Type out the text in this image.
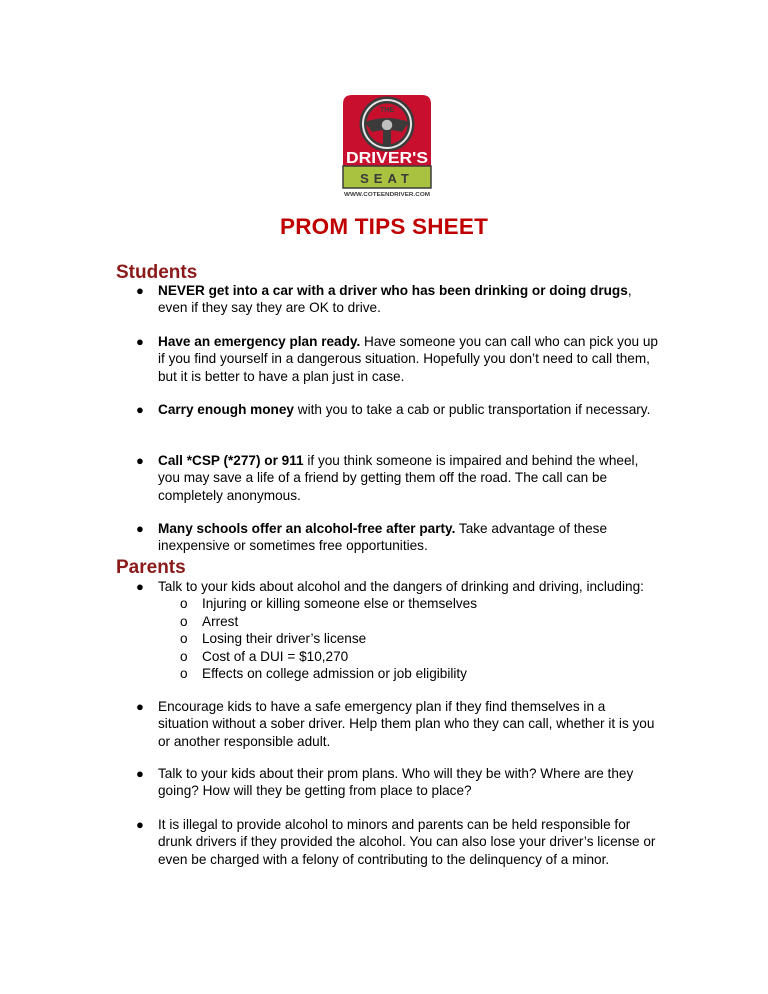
THE
DRIVER'S
SEAT
WWW.COTEENDRIVER.COM
PROM TIPS SHEET
Students
● NEVER get into a car with a driver who has been drinking or doing drugs, even if they say they are OK to drive.
● Have an emergency plan ready. Have someone you can call who can pick you up if you find yourself in a dangerous situation. Hopefully you don’t need to call them, but it is better to have a plan just in case.
● Carry enough money with you to take a cab or public transportation if necessary.
● Call *CSP (*277) or 911 if you think someone is impaired and behind the wheel, you may save a life of a friend by getting them off the road. The call can be completely anonymous.
● Many schools offer an alcohol-free after party. Take advantage of these inexpensive or sometimes free opportunities.
Parents
● Talk to your kids about alcohol and the dangers of drinking and driving, including:
o Injuring or killing someone else or themselves
o Arrest
o Losing their driver’s license
o Cost of a DUI = $10,270
o Effects on college admission or job eligibility
● Encourage kids to have a safe emergency plan if they find themselves in a situation without a sober driver. Help them plan who they can call, whether it is you or another responsible adult.
● Talk to your kids about their prom plans. Who will they be with? Where are they going? How will they be getting from place to place?
● It is illegal to provide alcohol to minors and parents can be held responsible for drunk drivers if they provided the alcohol. You can also lose your driver’s license or even be charged with a felony of contributing to the delinquency of a minor.
